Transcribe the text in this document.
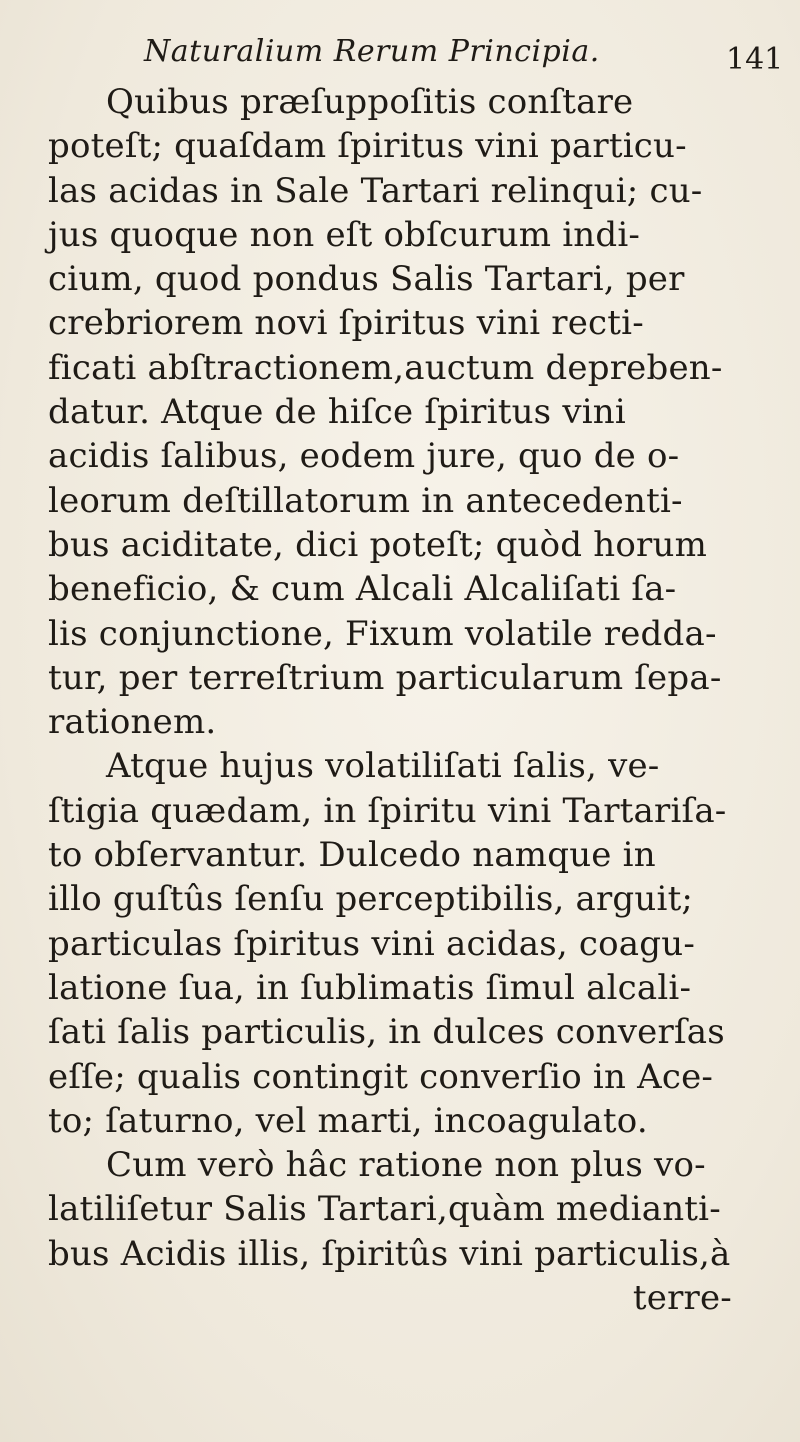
Naturalium Rerum Principia.	141
Quibus præſuppoſitis conſtare
poteſt; quaſdam ſpiritus vini particu-
las acidas in Sale Tartari relinqui; cu-
jus quoque non eſt obſcurum indi-
cium, quod pondus Salis Tartari, per
crebriorem novi ſpiritus vini recti-
ficati abſtractionem,auctum depreben-
datur. Atque de hiſce ſpiritus vini
acidis ſalibus, eodem jure, quo de o-
leorum deſtillatorum in antecedenti-
bus aciditate, dici poteſt; quòd horum
beneficio, & cum Alcali Alcaliſati ſa-
lis conjunctione, Fixum volatile redda-
tur, per terreſtrium particularum ſepa-
rationem.
Atque hujus volatiliſati ſalis, ve-
ſtigia quædam, in ſpiritu vini Tartariſa-
to obſervantur. Dulcedo namque in
illo guſtûs ſenſu perceptibilis, arguit;
particulas ſpiritus vini acidas, coagu-
latione ſua, in ſublimatis ſimul alcali-
ſati ſalis particulis, in dulces converſas
eſſe; qualis contingit converſio in Ace-
to; ſaturno, vel marti, incoagulato.
Cum verò hâc ratione non plus vo-
latiliſetur Salis Tartari,quàm medianti-
bus Acidis illis, ſpiritûs vini particulis,à
terre-
